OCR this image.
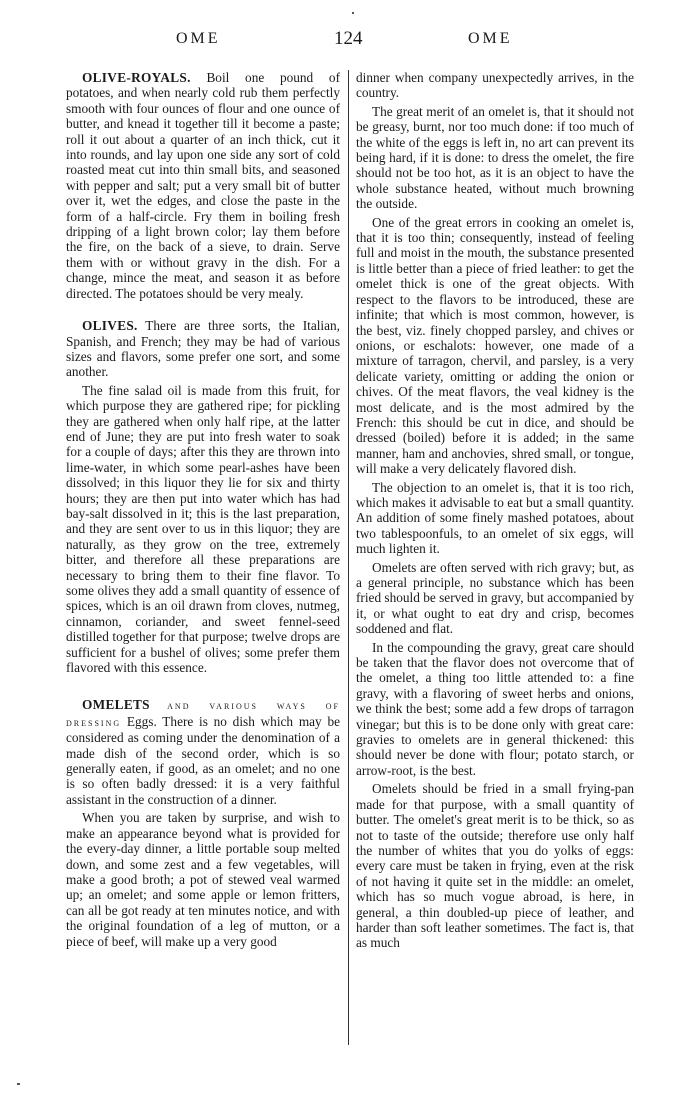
OME	124	OME

OLIVE-ROYALS. Boil one pound of potatoes, and when nearly cold rub them perfectly smooth with four ounces of flour and one ounce of butter, and knead it together till it become a paste; roll it out about a quarter of an inch thick, cut it into rounds, and lay upon one side any sort of cold roasted meat cut into thin small bits, and seasoned with pepper and salt; put a very small bit of butter over it, wet the edges, and close the paste in the form of a half-circle. Fry them in boiling fresh dripping of a light brown color; lay them before the fire, on the back of a sieve, to drain. Serve them with or without gravy in the dish. For a change, mince the meat, and season it as before directed. The potatoes should be very mealy.

OLIVES. There are three sorts, the Italian, Spanish, and French; they may be had of various sizes and flavors, some prefer one sort, and some another.

The fine salad oil is made from this fruit, for which purpose they are gathered ripe; for pickling they are gathered when only half ripe, at the latter end of June; they are put into fresh water to soak for a couple of days; after this they are thrown into lime-water, in which some pearl-ashes have been dissolved; in this liquor they lie for six and thirty hours; they are then put into water which has had bay-salt dissolved in it; this is the last preparation, and they are sent over to us in this liquor; they are naturally, as they grow on the tree, extremely bitter, and therefore all these preparations are necessary to bring them to their fine flavor. To some olives they add a small quantity of essence of spices, which is an oil drawn from cloves, nutmeg, cinnamon, coriander, and sweet fennel-seed distilled together for that purpose; twelve drops are sufficient for a bushel of olives; some prefer them flavored with this essence.

OMELETS and various ways of dressing Eggs. There is no dish which may be considered as coming under the denomination of a made dish of the second order, which is so generally eaten, if good, as an omelet; and no one is so often badly dressed: it is a very faithful assistant in the construction of a dinner.

When you are taken by surprise, and wish to make an appearance beyond what is provided for the every-day dinner, a little portable soup melted down, and some zest and a few vegetables, will make a good broth; a pot of stewed veal warmed up; an omelet; and some apple or lemon fritters, can all be got ready at ten minutes notice, and with the original foundation of a leg of mutton, or a piece of beef, will make up a very good

dinner when company unexpectedly arrives, in the country.

The great merit of an omelet is, that it should not be greasy, burnt, nor too much done: if too much of the white of the eggs is left in, no art can prevent its being hard, if it is done: to dress the omelet, the fire should not be too hot, as it is an object to have the whole substance heated, without much browning the outside.

One of the great errors in cooking an omelet is, that it is too thin; consequently, instead of feeling full and moist in the mouth, the substance presented is little better than a piece of fried leather: to get the omelet thick is one of the great objects. With respect to the flavors to be introduced, these are infinite; that which is most common, however, is the best, viz. finely chopped parsley, and chives or onions, or eschalots: however, one made of a mixture of tarragon, chervil, and parsley, is a very delicate variety, omitting or adding the onion or chives. Of the meat flavors, the veal kidney is the most delicate, and is the most admired by the French: this should be cut in dice, and should be dressed (boiled) before it is added; in the same manner, ham and anchovies, shred small, or tongue, will make a very delicately flavored dish.

The objection to an omelet is, that it is too rich, which makes it advisable to eat but a small quantity. An addition of some finely mashed potatoes, about two tablespoonfuls, to an omelet of six eggs, will much lighten it.

Omelets are often served with rich gravy; but, as a general principle, no substance which has been fried should be served in gravy, but accompanied by it, or what ought to eat dry and crisp, becomes soddened and flat.

In the compounding the gravy, great care should be taken that the flavor does not overcome that of the omelet, a thing too little attended to: a fine gravy, with a flavoring of sweet herbs and onions, we think the best; some add a few drops of tarragon vinegar; but this is to be done only with great care: gravies to omelets are in general thickened: this should never be done with flour; potato starch, or arrow-root, is the best.

Omelets should be fried in a small frying-pan made for that purpose, with a small quantity of butter. The omelet's great merit is to be thick, so as not to taste of the outside; therefore use only half the number of whites that you do yolks of eggs: every care must be taken in frying, even at the risk of not having it quite set in the middle: an omelet, which has so much vogue abroad, is here, in general, a thin doubled-up piece of leather, and harder than soft leather sometimes. The fact is, that as much
